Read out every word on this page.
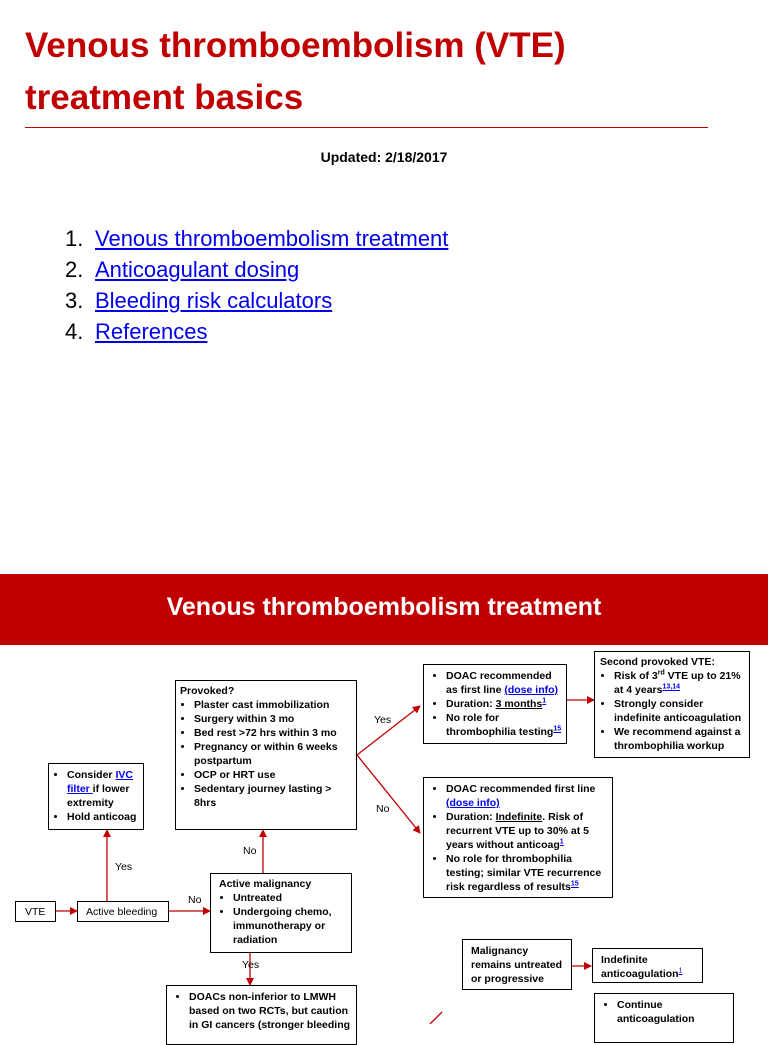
Venous thromboembolism (VTE) treatment basics
Updated: 2/18/2017
1. Venous thromboembolism treatment
2. Anticoagulant dosing
3. Bleeding risk calculators
4. References
Venous thromboembolism treatment
VTE	Active bleeding
• Consider IVC filter if lower extremity
• Hold anticoag
Provoked?
• Plaster cast immobilization
• Surgery within 3 mo
• Bed rest >72 hrs within 3 mo
• Pregnancy or within 6 weeks postpartum
• OCP or HRT use
• Sedentary journey lasting > 8hrs
Active malignancy
• Untreated
• Undergoing chemo, immunotherapy or radiation
• DOAC recommended as first line (dose info)
• Duration: 3 months$^1$
• No role for thrombophilia testing$^{15}$
Second provoked VTE:
• Risk of 3rd VTE up to 21% at 4 years$^{13,14}$
• Strongly consider indefinite anticoagulation
• We recommend against a thrombophilia workup
• DOAC recommended first line (dose info)
• Duration: Indefinite. Risk of recurrent VTE up to 30% at 5 years without anticoag$^1$
• No role for thrombophilia testing; similar VTE recurrence risk regardless of results$^{15}$
Malignancy remains untreated or progressive
Indefinite anticoagulation$^1$
• DOACs non-inferior to LMWH based on two RCTs, but caution in GI cancers (stronger bleeding
• Continue anticoagulation
Yes
No
No
Yes
No
Yes
